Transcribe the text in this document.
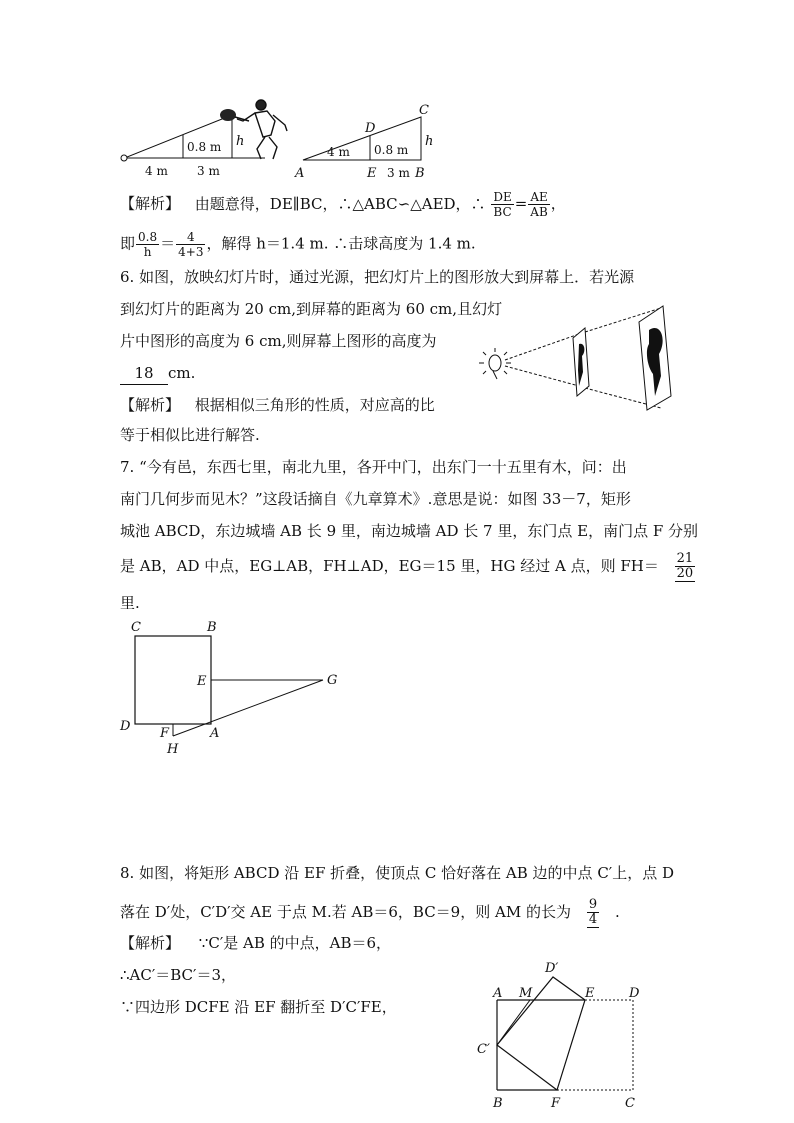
4 m 3 m
0.8 m h
A
D
E	B
C
4 m
3 m
0.8 m
h
【解析】 由题意得，DE∥BC，∴△ABC∽△AED，∴ $\frac{DE}{BC} = \frac{AE}{AB}$ ，
即 $\frac{0.8}{h} = \frac{4}{4+3}$ ，解得 h＝1.4 m. ∴击球高度为 1.4 m.
6. 如图，放映幻灯片时，通过光源，把幻灯片上的图形放大到屏幕上．若光源
到幻灯片的距离为 20 cm,到屏幕的距离为 60 cm,且幻灯
片中图形的高度为 6 cm,则屏幕上图形的高度为
18 cm.
【解析】 根据相似三角形的性质，对应高的比
等于相似比进行解答.
7. “今有邑，东西七里，南北九里，各开中门，出东门一十五里有木，问：出
南门几何步而见木？”这段话摘自《九章算术》.意思是说：如图 33－7，矩形
城池 ABCD，东边城墙 AB 长 9 里，南边城墙 AD 长 7 里，东门点 E，南门点 F 分别
是 AB，AD 中点，EG⊥AB，FH⊥AD，EG＝15 里，HG 经过 A 点，则 $FH= \frac{21}{20}$
里.
C	B
E	G
D F	A
H
8. 如图，将矩形 ABCD 沿 EF 折叠，使顶点 C 恰好落在 AB 边的中点 C′上，点 D
落在 D′处，C′D′交 AE 于点 M.若 AB＝6，BC＝9，则 AM 的长为 $\frac{9}{4}$ .
【解析】 ∵C′是 AB 的中点，AB＝6，
∴AC′＝BC′＝3，
∵四边形 DCFE 沿 EF 翻折至 D′C′FE，
D′
A M	E	D
C′
B	F	C
